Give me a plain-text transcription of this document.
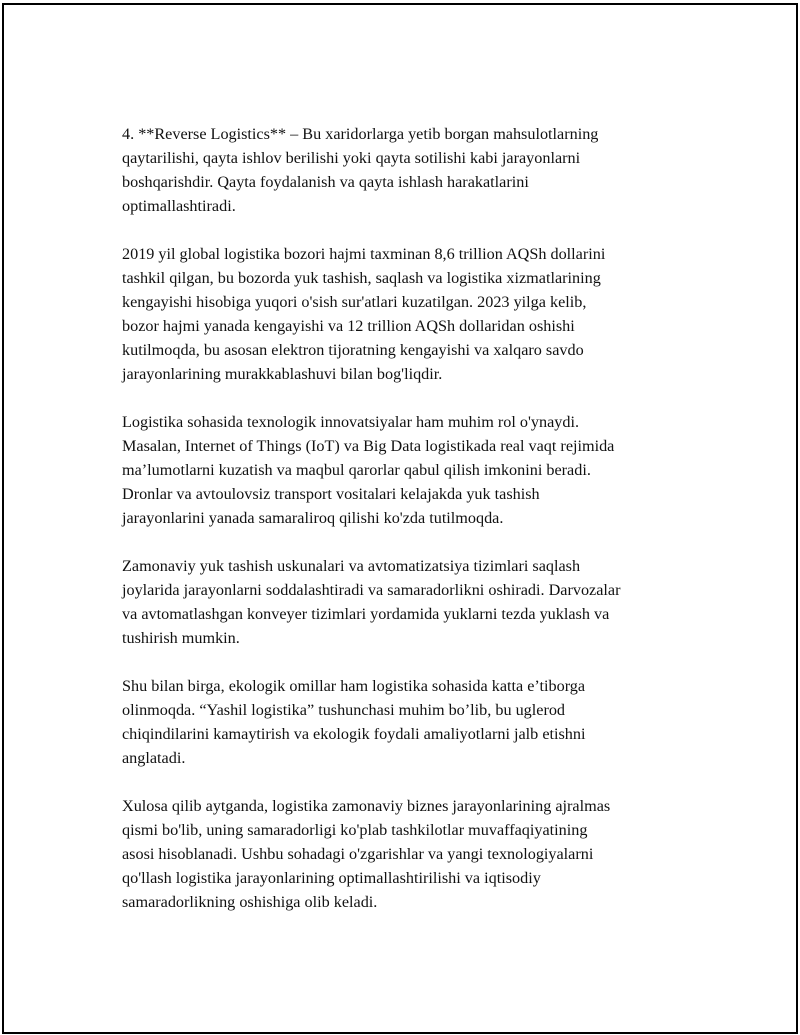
4. **Reverse Logistics** – Bu xaridorlarga yetib borgan mahsulotlarning
qaytarilishi, qayta ishlov berilishi yoki qayta sotilishi kabi jarayonlarni
boshqarishdir. Qayta foydalanish va qayta ishlash harakatlarini
optimallashtiradi.

2019 yil global logistika bozori hajmi taxminan 8,6 trillion AQSh dollarini
tashkil qilgan, bu bozorda yuk tashish, saqlash va logistika xizmatlarining
kengayishi hisobiga yuqori o'sish sur'atlari kuzatilgan. 2023 yilga kelib,
bozor hajmi yanada kengayishi va 12 trillion AQSh dollaridan oshishi
kutilmoqda, bu asosan elektron tijoratning kengayishi va xalqaro savdo
jarayonlarining murakkablashuvi bilan bog'liqdir.

Logistika sohasida texnologik innovatsiyalar ham muhim rol o'ynaydi.
Masalan, Internet of Things (IoT) va Big Data logistikada real vaqt rejimida
ma’lumotlarni kuzatish va maqbul qarorlar qabul qilish imkonini beradi.
Dronlar va avtoulovsiz transport vositalari kelajakda yuk tashish
jarayonlarini yanada samaraliroq qilishi ko'zda tutilmoqda.

Zamonaviy yuk tashish uskunalari va avtomatizatsiya tizimlari saqlash
joylarida jarayonlarni soddalashtiradi va samaradorlikni oshiradi. Darvozalar
va avtomatlashgan konveyer tizimlari yordamida yuklarni tezda yuklash va
tushirish mumkin.

Shu bilan birga, ekologik omillar ham logistika sohasida katta e’tiborga
olinmoqda. “Yashil logistika” tushunchasi muhim bo’lib, bu uglerod
chiqindilarini kamaytirish va ekologik foydali amaliyotlarni jalb etishni
anglatadi.

Xulosa qilib aytganda, logistika zamonaviy biznes jarayonlarining ajralmas
qismi bo'lib, uning samaradorligi ko'plab tashkilotlar muvaffaqiyatining
asosi hisoblanadi. Ushbu sohadagi o'zgarishlar va yangi texnologiyalarni
qo'llash logistika jarayonlarining optimallashtirilishi va iqtisodiy
samaradorlikning oshishiga olib keladi.
